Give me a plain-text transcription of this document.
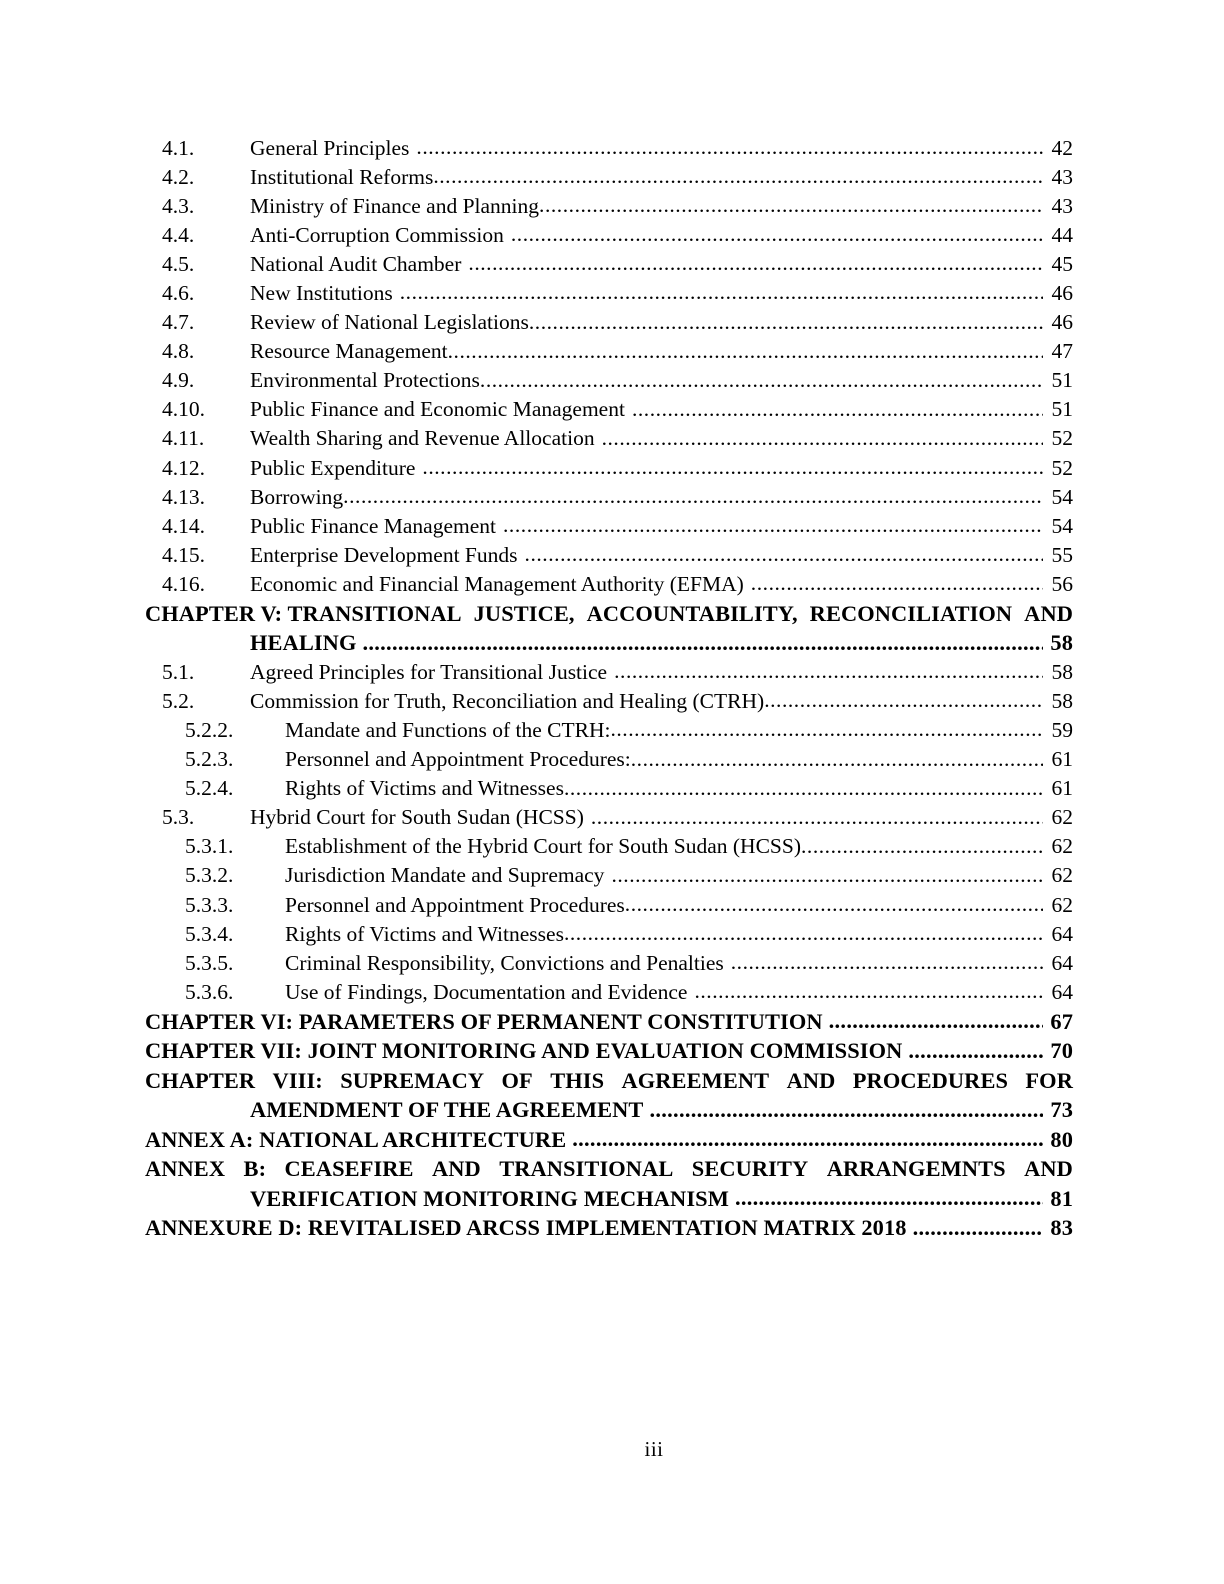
4.1.	General Principles .....	42
4.2.	Institutional Reforms .....	43
4.3.	Ministry of Finance and Planning .....	43
4.4.	Anti-Corruption Commission .....	44
4.5.	National Audit Chamber .....	45
4.6.	New Institutions .....	46
4.7.	Review of National Legislations .....	46
4.8.	Resource Management .....	47
4.9.	Environmental Protections .....	51
4.10.	Public Finance and Economic Management .....	51
4.11.	Wealth Sharing and Revenue Allocation .....	52
4.12.	Public Expenditure .....	52
4.13.	Borrowing .....	54
4.14.	Public Finance Management .....	54
4.15.	Enterprise Development Funds .....	55
4.16.	Economic and Financial Management Authority (EFMA) .....	56
CHAPTER V: TRANSITIONAL JUSTICE, ACCOUNTABILITY, RECONCILIATION AND
HEALING .....	58
5.1.	Agreed Principles for Transitional Justice .....	58
5.2.	Commission for Truth, Reconciliation and Healing (CTRH) .....	58
5.2.2.	Mandate and Functions of the CTRH: .....	59
5.2.3.	Personnel and Appointment Procedures: .....	61
5.2.4.	Rights of Victims and Witnesses .....	61
5.3.	Hybrid Court for South Sudan (HCSS) .....	62
5.3.1.	Establishment of the Hybrid Court for South Sudan (HCSS) .....	62
5.3.2.	Jurisdiction Mandate and Supremacy .....	62
5.3.3.	Personnel and Appointment Procedures .....	62
5.3.4.	Rights of Victims and Witnesses .....	64
5.3.5.	Criminal Responsibility, Convictions and Penalties .....	64
5.3.6.	Use of Findings, Documentation and Evidence .....	64
CHAPTER VI: PARAMETERS OF PERMANENT CONSTITUTION .....	67
CHAPTER VII: JOINT MONITORING AND EVALUATION COMMISSION .....	70
CHAPTER VIII: SUPREMACY OF THIS AGREEMENT AND PROCEDURES FOR
AMENDMENT OF THE AGREEMENT .....	73
ANNEX A: NATIONAL ARCHITECTURE .....	80
ANNEX B: CEASEFIRE AND TRANSITIONAL SECURITY ARRANGEMNTS AND
VERIFICATION MONITORING MECHANISM .....	81
ANNEXURE D: REVITALISED ARCSS IMPLEMENTATION MATRIX 2018 .....	83
iii
